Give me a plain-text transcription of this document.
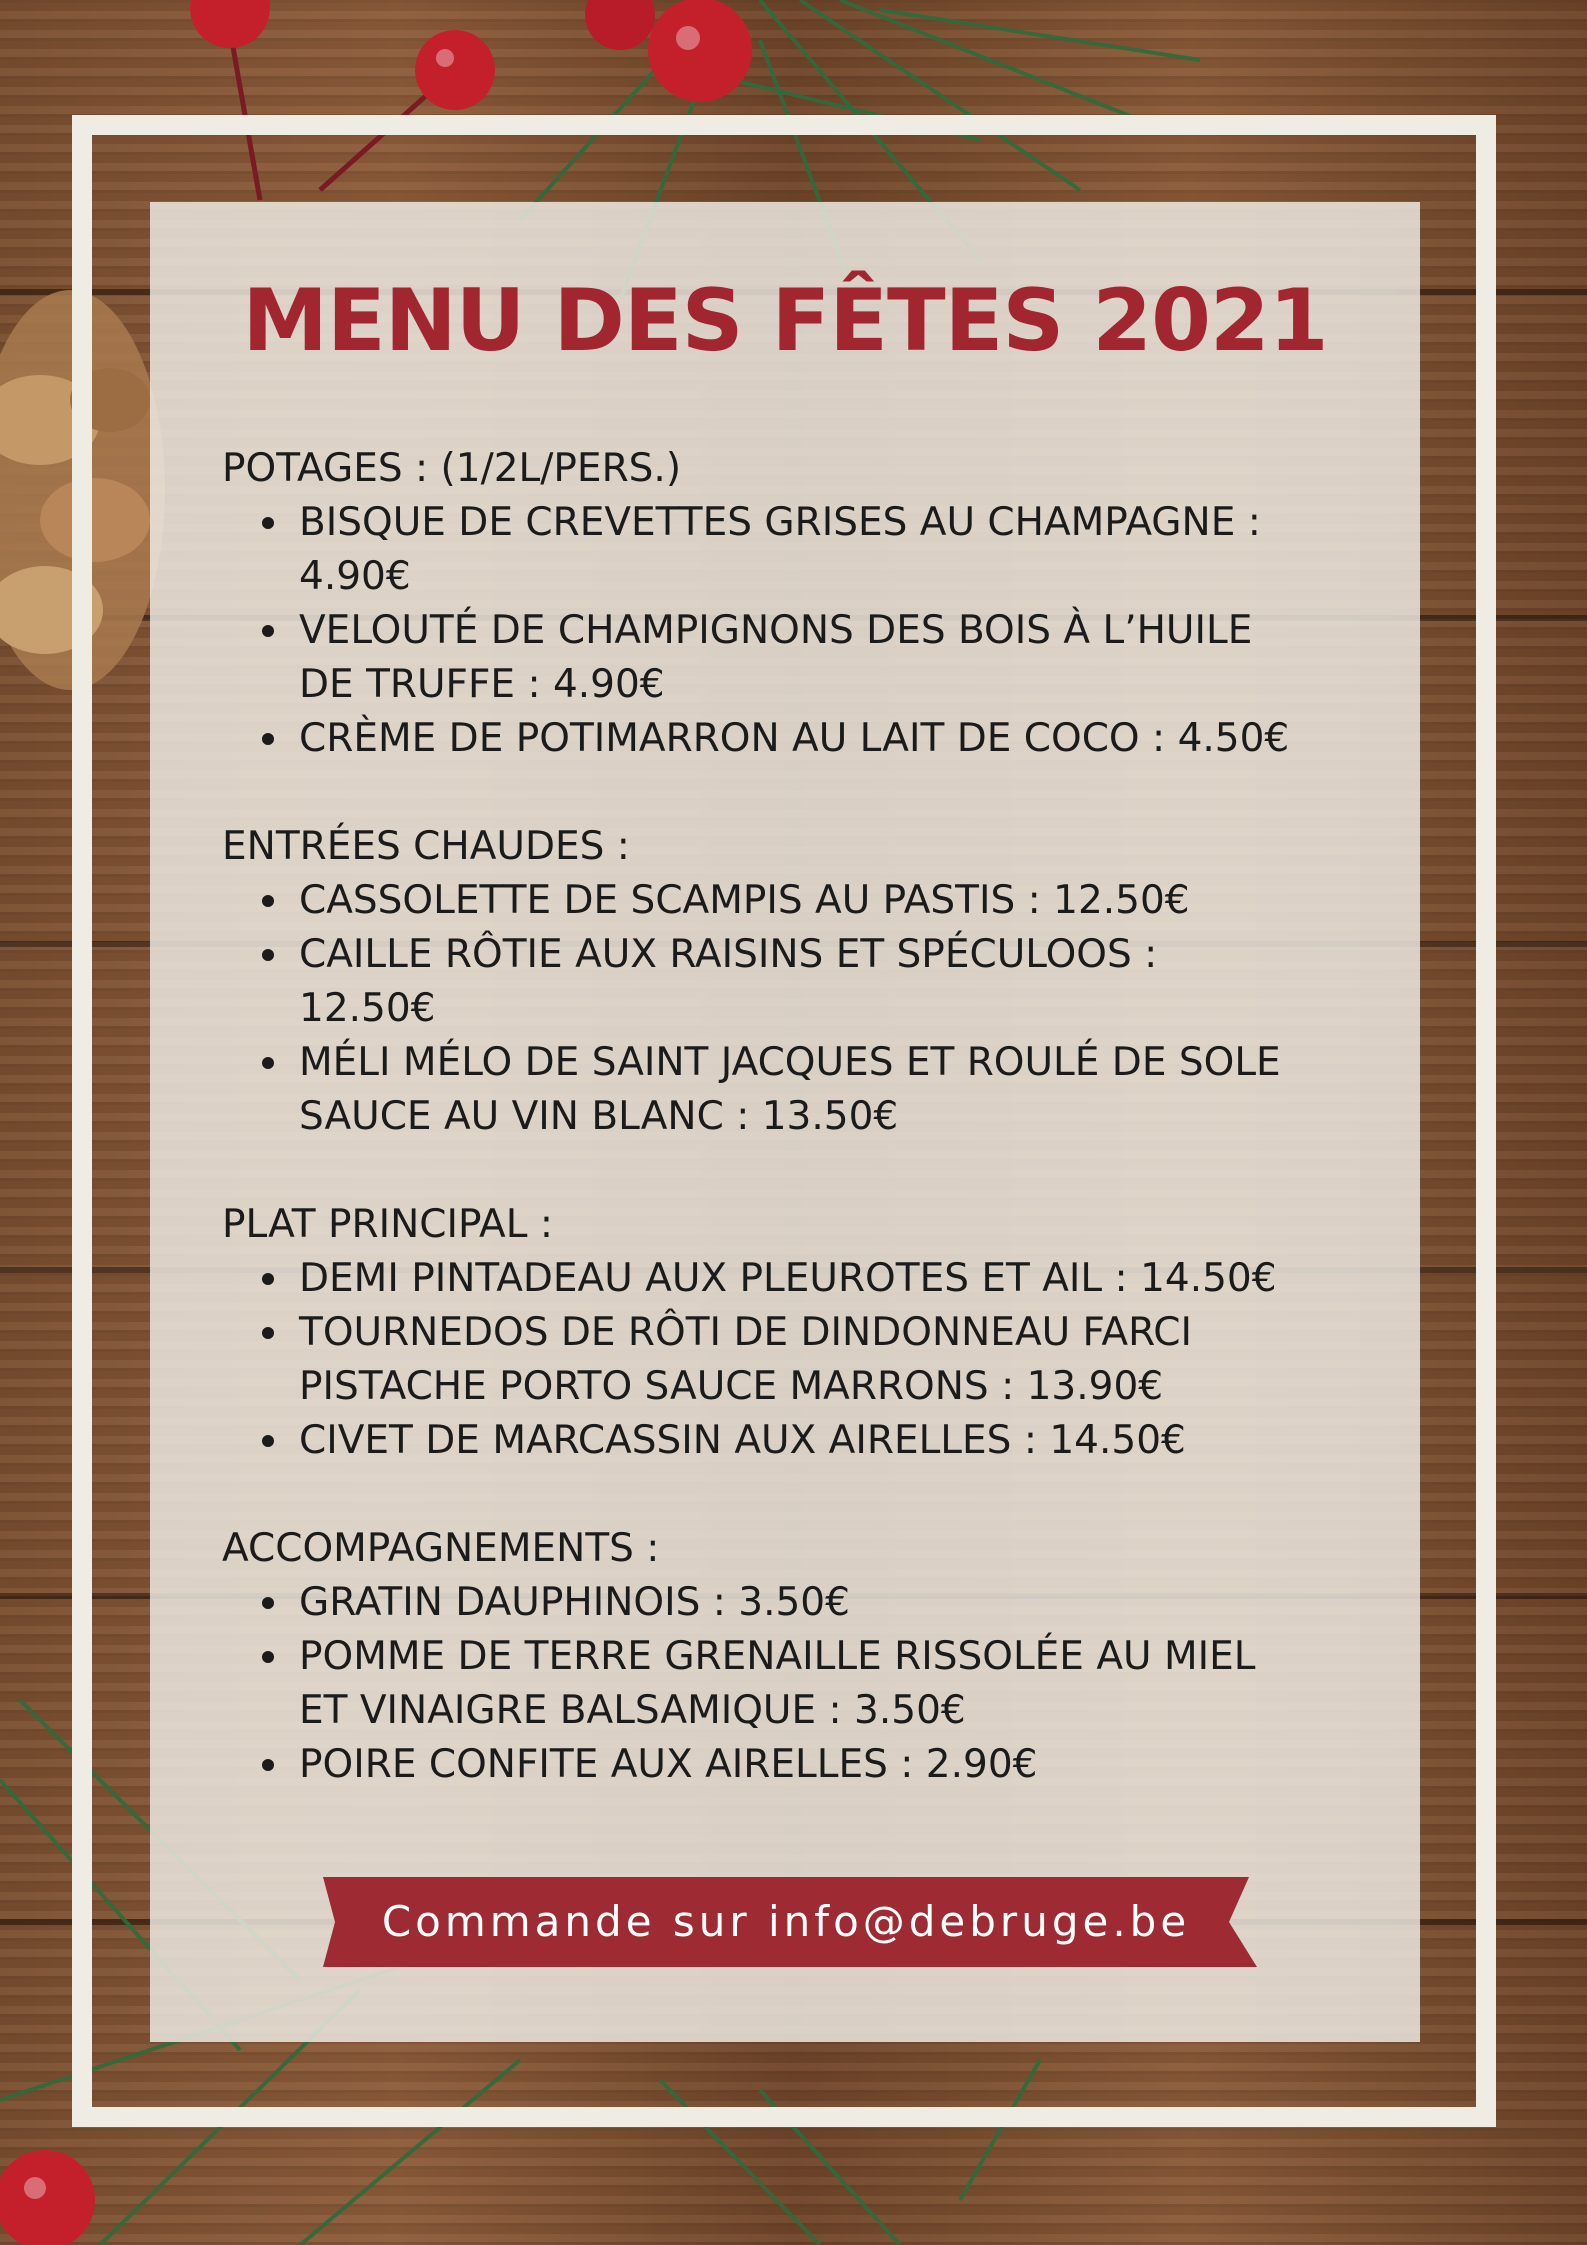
MENU DES FÊTES 2021

POTAGES : (1/2L/PERS.)

BISQUE DE CREVETTES GRISES AU CHAMPAGNE :
4.90€
VELOUTÉ DE CHAMPIGNONS DES BOIS À L’HUILE
DE TRUFFE : 4.90€
CRÈME DE POTIMARRON AU LAIT DE COCO : 4.50€

ENTRÉES CHAUDES :

CASSOLETTE DE SCAMPIS AU PASTIS : 12.50€
CAILLE RÔTIE AUX RAISINS ET SPÉCULOOS :
12.50€
MÉLI MÉLO DE SAINT JACQUES ET ROULÉ DE SOLE
SAUCE AU VIN BLANC : 13.50€

PLAT PRINCIPAL :

DEMI PINTADEAU AUX PLEUROTES ET AIL : 14.50€
TOURNEDOS DE RÔTI DE DINDONNEAU FARCI
PISTACHE PORTO SAUCE MARRONS : 13.90€
CIVET DE MARCASSIN AUX AIRELLES : 14.50€

ACCOMPAGNEMENTS :

GRATIN DAUPHINOIS : 3.50€
POMME DE TERRE GRENAILLE RISSOLÉE AU MIEL
ET VINAIGRE BALSAMIQUE : 3.50€
POIRE CONFITE AUX AIRELLES : 2.90€
Commande sur info@debruge.be
